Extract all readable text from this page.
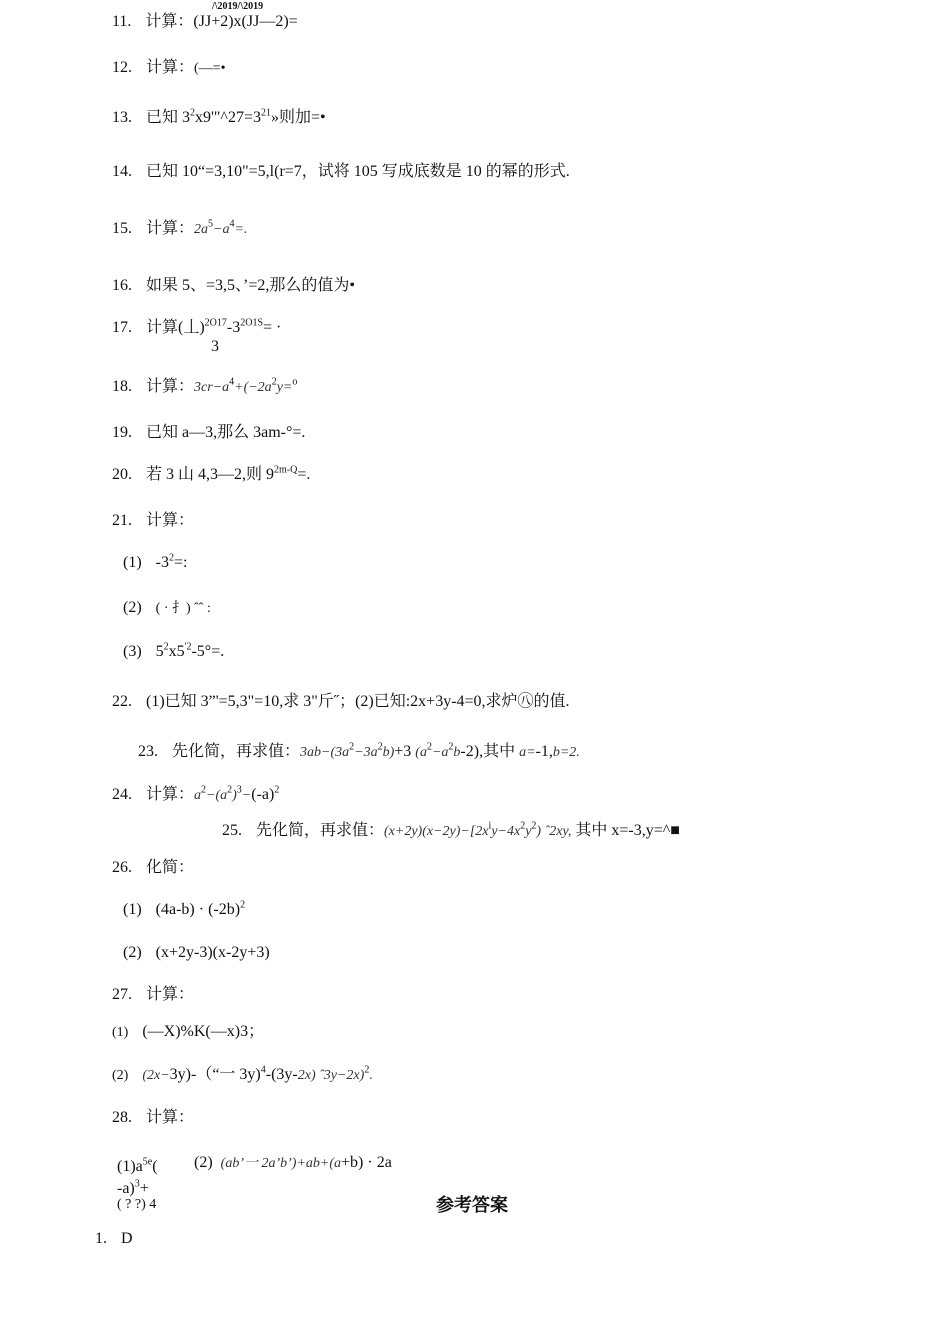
/\2019/\2019
11. 计算：(JJ+2)x(JJ—2)=
12. 计算：(—=•
13. 已知 $3^2x9'"\^{}27=3^{21}$»则加=•
14. 已知 10“=3,10"=5,l(r=7，试将 105 写成底数是 10 的幂的形式.
15. 计算：$2a^5-a^4=$.
16. 如果 5、=3,5、’=2,那么的值为•
17. 计算(丄)$^{2O17}-3^{2O1S}=$ ·
3
18. 计算：$3cr-a^4+(-2a^2y=^o$
19. 已知 a—3,那么 3am-°=.
20. 若 3 山 4,3—2,则 $9^{2m-Q}=$.
21. 计算：
(1) $-3^2=$:
(2) ( · 扌) ˆˆ :
(3) $5^2x5^{'2}-5^\circ=$.
22. (1)已知 3”'=5,3"=10,求 3"斤˝；(2)已知:2x+3y-4=0,求炉㊇的值.
23. 先化简，再求值：$3ab-(3a^2-3a^2b)+3$ $(a^2-a^2b-2)$,其中 a=-1,b=2.
24. 计算：$a^2-(a^2)^3-(-a)^2$
25. 先化简，再求值：$(x+2y)(x-2y)-[2x^iy-4x^2y^2)$ ˆ2xy, 其中 x=-3,y=^■
26. 化简：
(1) $(4a-b) \cdot (-2b)^2$
(2) (x+2y-3)(x-2y+3)
27. 计算：
(1) (—X)%K(—x)3；
(2) (2x−3y)-（“一 3y)$^4$-(3y-2x) ˆ3y−2x)$^2$.
28. 计算：
$(1)a^{5e}$(
-a)$^3$+
( ? ?) 4
(2) (ab’一 2a’b’)+ab+(a+b) · 2a
参考答案
1. D
